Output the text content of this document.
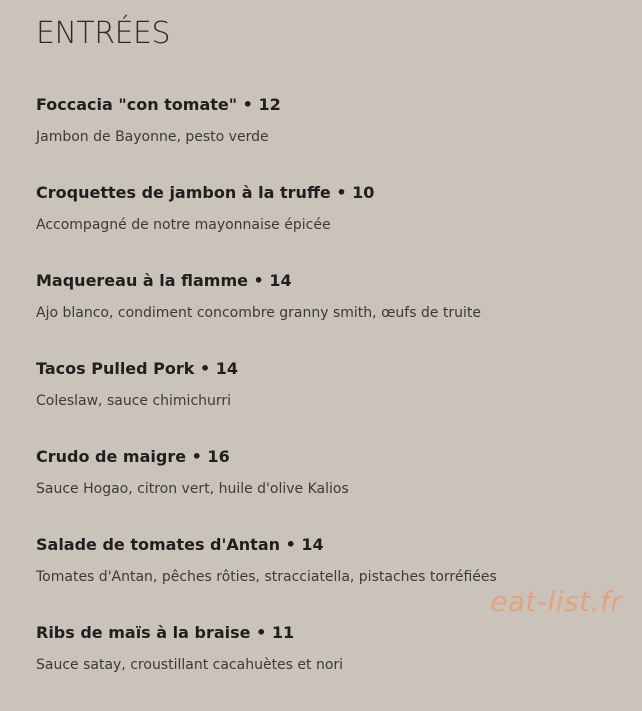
ENTRÉES
Foccacia "con tomate" • 12
Jambon de Bayonne, pesto verde
Croquettes de jambon à la truffe • 10
Accompagné de notre mayonnaise épicée
Maquereau à la flamme • 14
Ajo blanco, condiment concombre granny smith, œufs de truite
Tacos Pulled Pork • 14
Coleslaw, sauce chimichurri
Crudo de maigre • 16
Sauce Hogao, citron vert, huile d'olive Kalios
Salade de tomates d'Antan • 14
Tomates d'Antan, pêches rôties, stracciatella, pistaches torréfiées
Ribs de maïs à la braise • 11
Sauce satay, croustillant cacahuètes et nori
eat-list.fr
